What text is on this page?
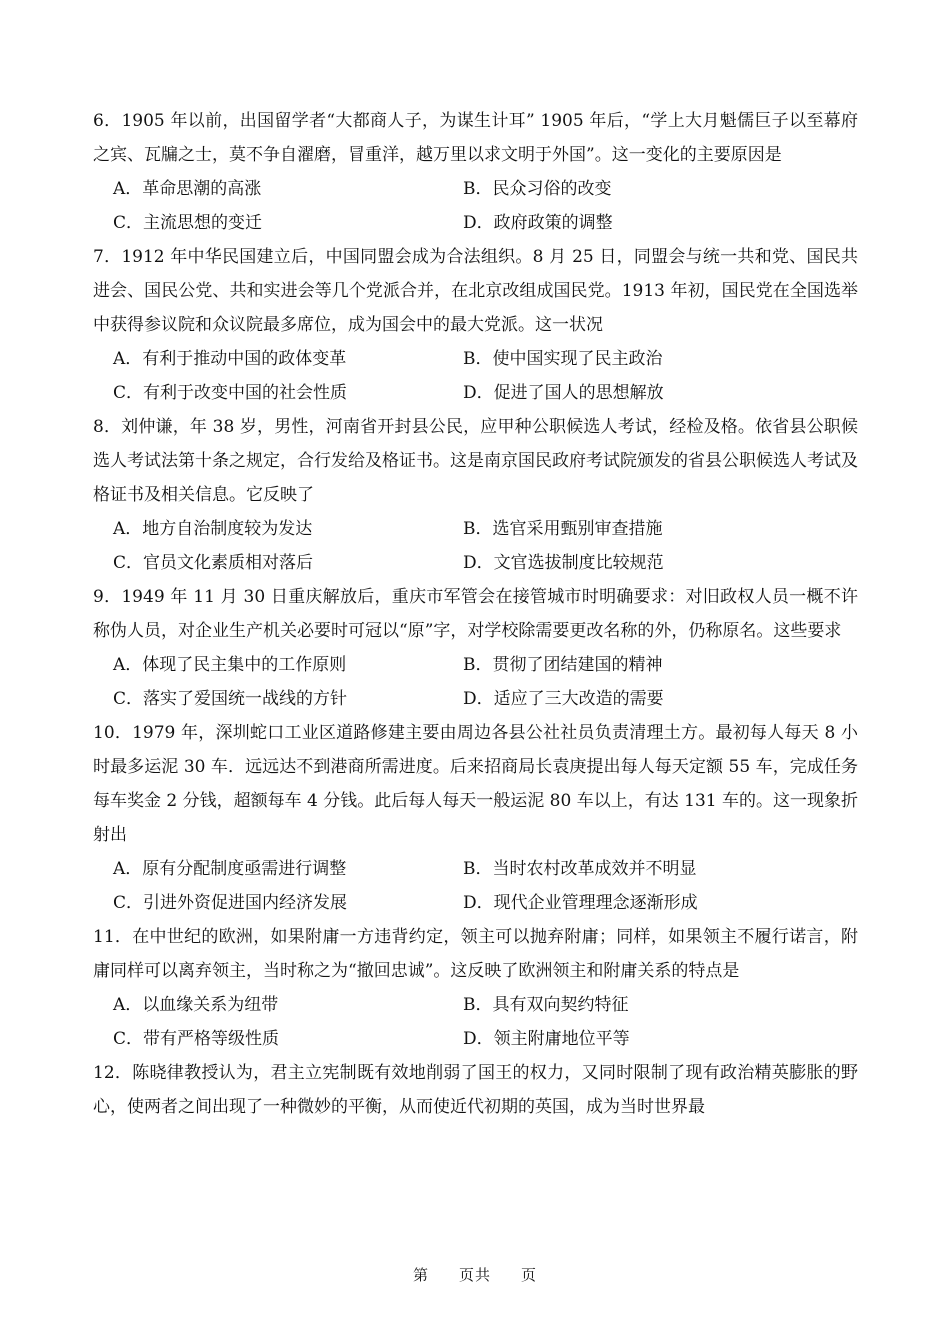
6．1905 年以前，出国留学者“大都商人子，为谋生计耳” 1905 年后，“学上大月魁儒巨子以至幕府之宾、瓦牖之士，莫不争自濯磨，冒重洋，越万里以求文明于外国”。这一变化的主要原因是

A．革命思潮的高涨	B．民众习俗的改变
C．主流思想的变迁	D．政府政策的调整

7．1912 年中华民国建立后，中国同盟会成为合法组织。8 月 25 日，同盟会与统一共和党、国民共进会、国民公党、共和实进会等几个党派合并，在北京改组成国民党。1913 年初，国民党在全国选举中获得参议院和众议院最多席位，成为国会中的最大党派。这一状况

A．有利于推动中国的政体变革	B．使中国实现了民主政治
C．有利于改变中国的社会性质	D．促进了国人的思想解放

8．刘仲谦，年 38 岁，男性，河南省开封县公民，应甲种公职候选人考试，经检及格。依省县公职候选人考试法第十条之规定，合行发给及格证书。这是南京国民政府考试院颁发的省县公职候选人考试及格证书及相关信息。它反映了

A．地方自治制度较为发达	B．选官采用甄别审查措施
C．官员文化素质相对落后	D．文官选拔制度比较规范

9．1949 年 11 月 30 日重庆解放后，重庆市军管会在接管城市时明确要求：对旧政权人员一概不许称伪人员，对企业生产机关必要时可冠以“原”字，对学校除需要更改名称的外，仍称原名。这些要求

A．体现了民主集中的工作原则	B．贯彻了团结建国的精神
C．落实了爱国统一战线的方针	D．适应了三大改造的需要

10．1979 年，深圳蛇口工业区道路修建主要由周边各县公社社员负责清理土方。最初每人每天 8 小时最多运泥 30 车．远远达不到港商所需进度。后来招商局长袁庚提出每人每天定额 55 车，完成任务每车奖金 2 分钱，超额每车 4 分钱。此后每人每天一般运泥 80 车以上，有达 131 车的。这一现象折射出

A．原有分配制度亟需进行调整	B．当时农村改革成效并不明显
C．引进外资促进国内经济发展	D．现代企业管理理念逐渐形成

11．在中世纪的欧洲，如果附庸一方违背约定，领主可以抛弃附庸；同样，如果领主不履行诺言，附庸同样可以离弃领主，当时称之为“撤回忠诚”。这反映了欧洲领主和附庸关系的特点是

A．以血缘关系为纽带	B．具有双向契约特征
C．带有严格等级性质	D．领主附庸地位平等

12．陈晓律教授认为，君主立宪制既有效地削弱了国王的权力，又同时限制了现有政治精英膨胀的野心，使两者之间出现了一种微妙的平衡，从而使近代初期的英国，成为当时世界最

第 页共 页
